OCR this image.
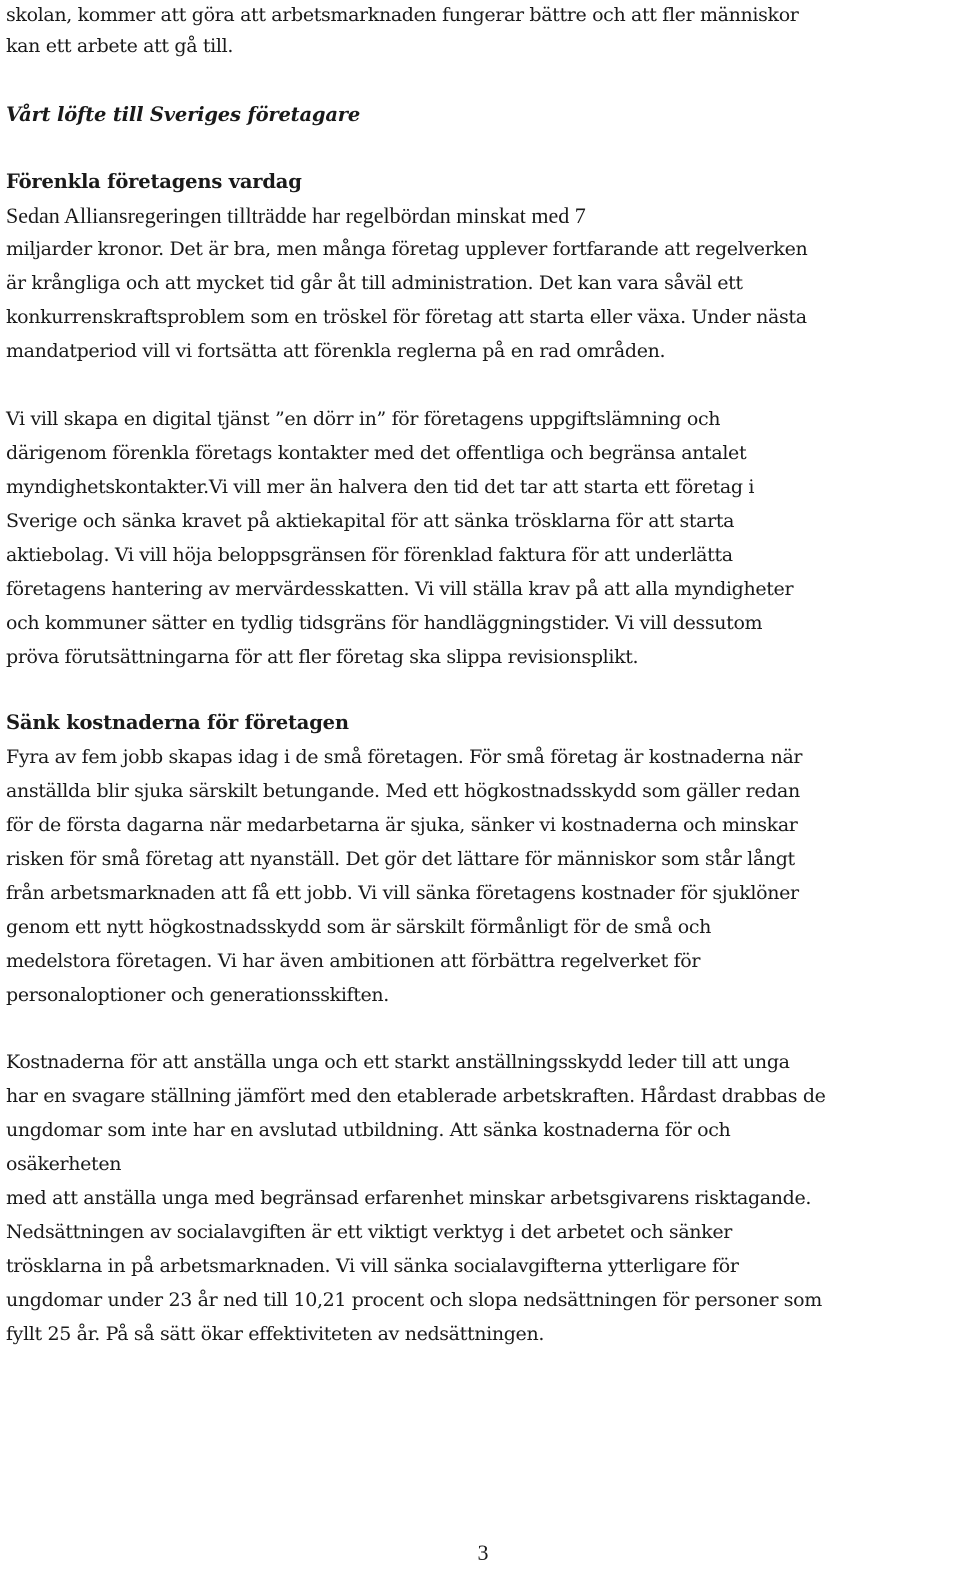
skolan, kommer att göra att arbetsmarknaden fungerar bättre och att fler människor

kan ett arbete att gå till.

Vårt löfte till Sveriges företagare

Förenkla företagens vardag

Sedan Alliansregeringen tillträdde har regelbördan minskat med 7

miljarder kronor. Det är bra, men många företag upplever fortfarande att regelverken

är krångliga och att mycket tid går åt till administration. Det kan vara såväl ett

konkurrenskraftsproblem som en tröskel för företag att starta eller växa. Under nästa

mandatperiod vill vi fortsätta att förenkla reglerna på en rad områden.

Vi vill skapa en digital tjänst ”en dörr in” för företagens uppgiftslämning och

därigenom förenkla företags kontakter med det offentliga och begränsa antalet

myndighetskontakter.Vi vill mer än halvera den tid det tar att starta ett företag i

Sverige och sänka kravet på aktiekapital för att sänka trösklarna för att starta

aktiebolag. Vi vill höja beloppsgränsen för förenklad faktura för att underlätta

företagens hantering av mervärdesskatten. Vi vill ställa krav på att alla myndigheter

och kommuner sätter en tydlig tidsgräns för handläggningstider. Vi vill dessutom

pröva förutsättningarna för att fler företag ska slippa revisionsplikt.

Sänk kostnaderna för företagen

Fyra av fem jobb skapas idag i de små företagen. För små företag är kostnaderna när

anställda blir sjuka särskilt betungande. Med ett högkostnadsskydd som gäller redan

för de första dagarna när medarbetarna är sjuka, sänker vi kostnaderna och minskar

risken för små företag att nyanställ. Det gör det lättare för människor som står långt

från arbetsmarknaden att få ett jobb. Vi vill sänka företagens kostnader för sjuklöner

genom ett nytt högkostnadsskydd som är särskilt förmånligt för de små och

medelstora företagen. Vi har även ambitionen att förbättra regelverket för

personaloptioner och generationsskiften.

Kostnaderna för att anställa unga och ett starkt anställningsskydd leder till att unga

har en svagare ställning jämfört med den etablerade arbetskraften. Hårdast drabbas de

ungdomar som inte har en avslutad utbildning. Att sänka kostnaderna för och

osäkerheten

med att anställa unga med begränsad erfarenhet minskar arbetsgivarens risktagande.

Nedsättningen av socialavgiften är ett viktigt verktyg i det arbetet och sänker

trösklarna in på arbetsmarknaden. Vi vill sänka socialavgifterna ytterligare för

ungdomar under 23 år ned till 10,21 procent och slopa nedsättningen för personer som

fyllt 25 år. På så sätt ökar effektiviteten av nedsättningen.

3
